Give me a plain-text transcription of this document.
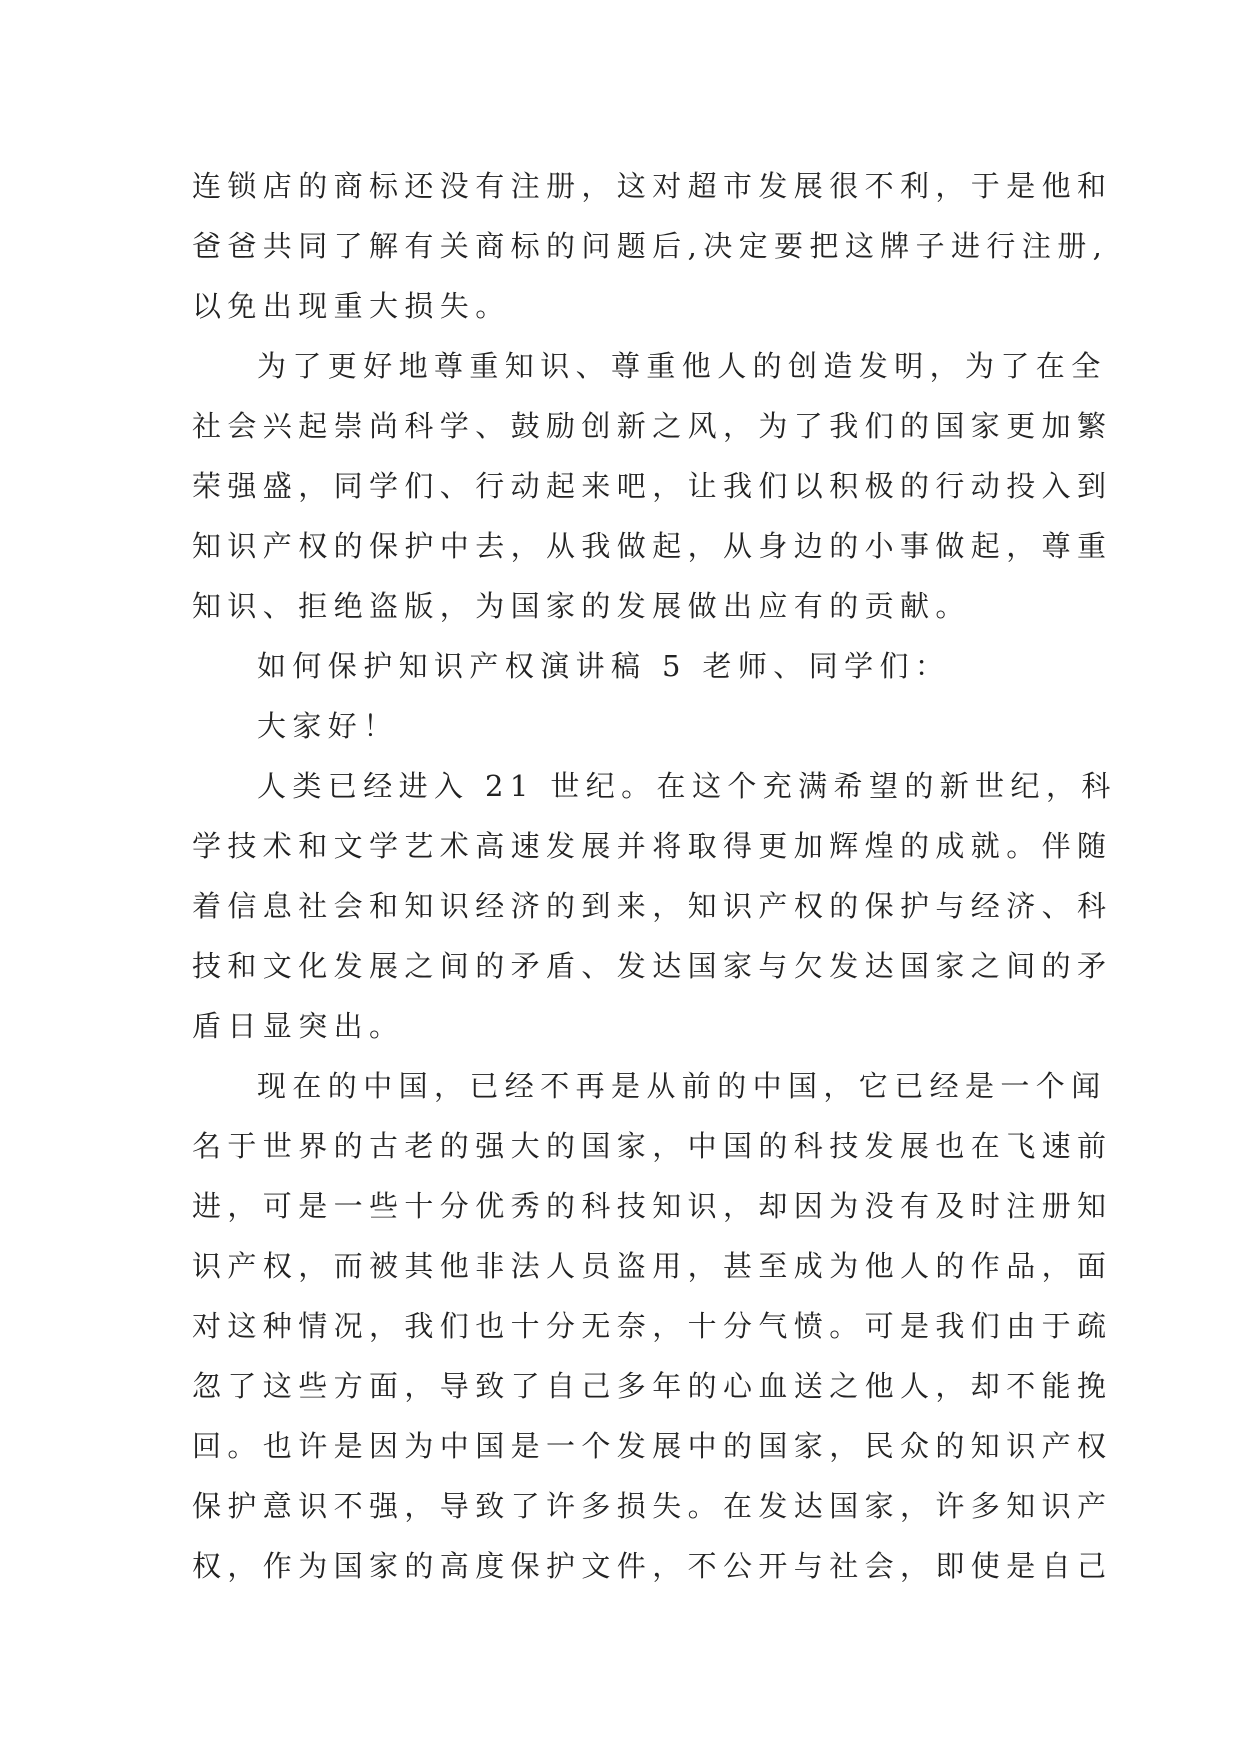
连锁店的商标还没有注册，这对超市发展很不利，于是他和
爸爸共同了解有关商标的问题后,决定要把这牌子进行注册,
以免出现重大损失。
为了更好地尊重知识、尊重他人的创造发明，为了在全
社会兴起崇尚科学、鼓励创新之风，为了我们的国家更加繁
荣强盛，同学们、行动起来吧，让我们以积极的行动投入到
知识产权的保护中去，从我做起，从身边的小事做起，尊重
知识、拒绝盗版，为国家的发展做出应有的贡献。
如何保护知识产权演讲稿 5 老师、同学们：
大家好！
人类已经进入 21 世纪。在这个充满希望的新世纪，科
学技术和文学艺术高速发展并将取得更加辉煌的成就。伴随
着信息社会和知识经济的到来，知识产权的保护与经济、科
技和文化发展之间的矛盾、发达国家与欠发达国家之间的矛
盾日显突出。
现在的中国，已经不再是从前的中国，它已经是一个闻
名于世界的古老的强大的国家，中国的科技发展也在飞速前
进，可是一些十分优秀的科技知识，却因为没有及时注册知
识产权，而被其他非法人员盗用，甚至成为他人的作品，面
对这种情况，我们也十分无奈，十分气愤。可是我们由于疏
忽了这些方面，导致了自己多年的心血送之他人，却不能挽
回。也许是因为中国是一个发展中的国家，民众的知识产权
保护意识不强，导致了许多损失。在发达国家，许多知识产
权，作为国家的高度保护文件，不公开与社会，即使是自己
